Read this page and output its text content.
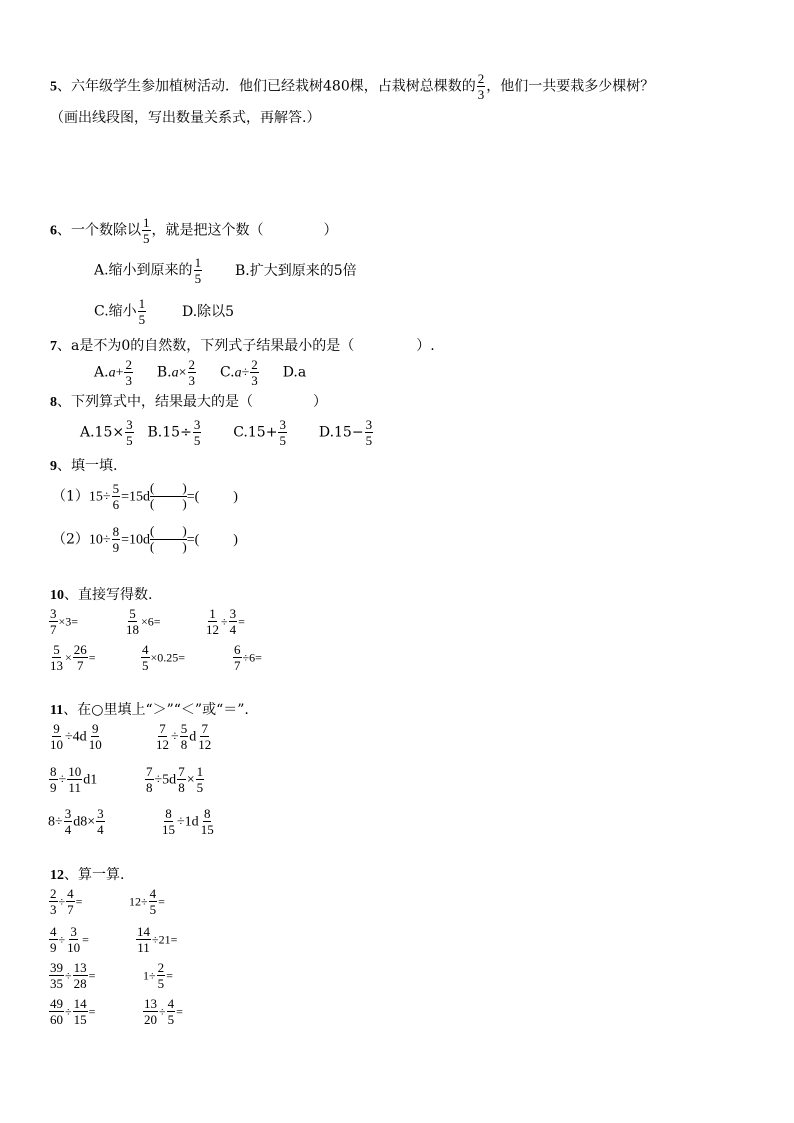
5、六年级学生参加植树活动．他们已经栽树480棵，占栽树总棵数的 $\frac{2}{3}$ ，他们一共要栽多少棵树？
（画出线段图，写出数量关系式，再解答.）
6、一个数除以 $\frac{1}{5}$ ，就是把这个数（	）
A.缩小到原来的 $\frac{1}{5} B$.扩大到原来的5倍
C.缩小 $\frac{1}{5}$	D.除以5
7、a是不为0的自然数，下列式子结果最小的是（	）.
$A.a+ \frac{2}{3} B.a\times \frac{2}{3} C.a\div \frac{2}{3} D.a$
8、下列算式中，结果最大的是（	）
$A.15\times \frac{3}{5} B.15\div \frac{3}{5} C.15+ \frac{3}{5} D.15- \frac{3}{5}$
9、填一填.
$(1)15\div \frac{5}{6} =15d$
( )
( ) =( )
$(2)10\div \frac{8}{9} =10d$
( )
( ) =( )
10、直接写得数.
$\frac{3}{7} \times 3=$	$\frac{5}{18} \times 6=$	$\frac{1}{12} \div \frac{3}{4}$ =
$\frac{5}{13} \times \frac{26}{7}$ =	$\frac{4}{5} \times 0.25=$	$\frac{6}{7} \div 6=$
11、在○里填上“＞”“＜”或“＝”.
$\frac{9}{10} \div 4d \frac{9}{10}$	$\frac{7}{12} \div \frac{5}{8}$ d $\frac{7}{12}$
$\frac{8}{9} \div \frac{10}{11} d1$	$\frac{7}{8} \div 5d \frac{7}{8} \times \frac{1}{5}$
$8\div \frac{3}{4} d8\times \frac{3}{4}$	$\frac{8}{15} \div 1d \frac{8}{15}$
12、算一算.
$\frac{2}{3} \div \frac{4}{7}$ =	$12\div \frac{4}{5}$ =
$\frac{4}{9} \div \frac{3}{10}$ =	$\frac{14}{11} \div 21=$
$\frac{39}{35} \div \frac{13}{28}$ =	$1\div \frac{2}{5}$ =
$\frac{49}{60} \div \frac{14}{15}$ =	$\frac{13}{20} \div \frac{4}{5}$ =
